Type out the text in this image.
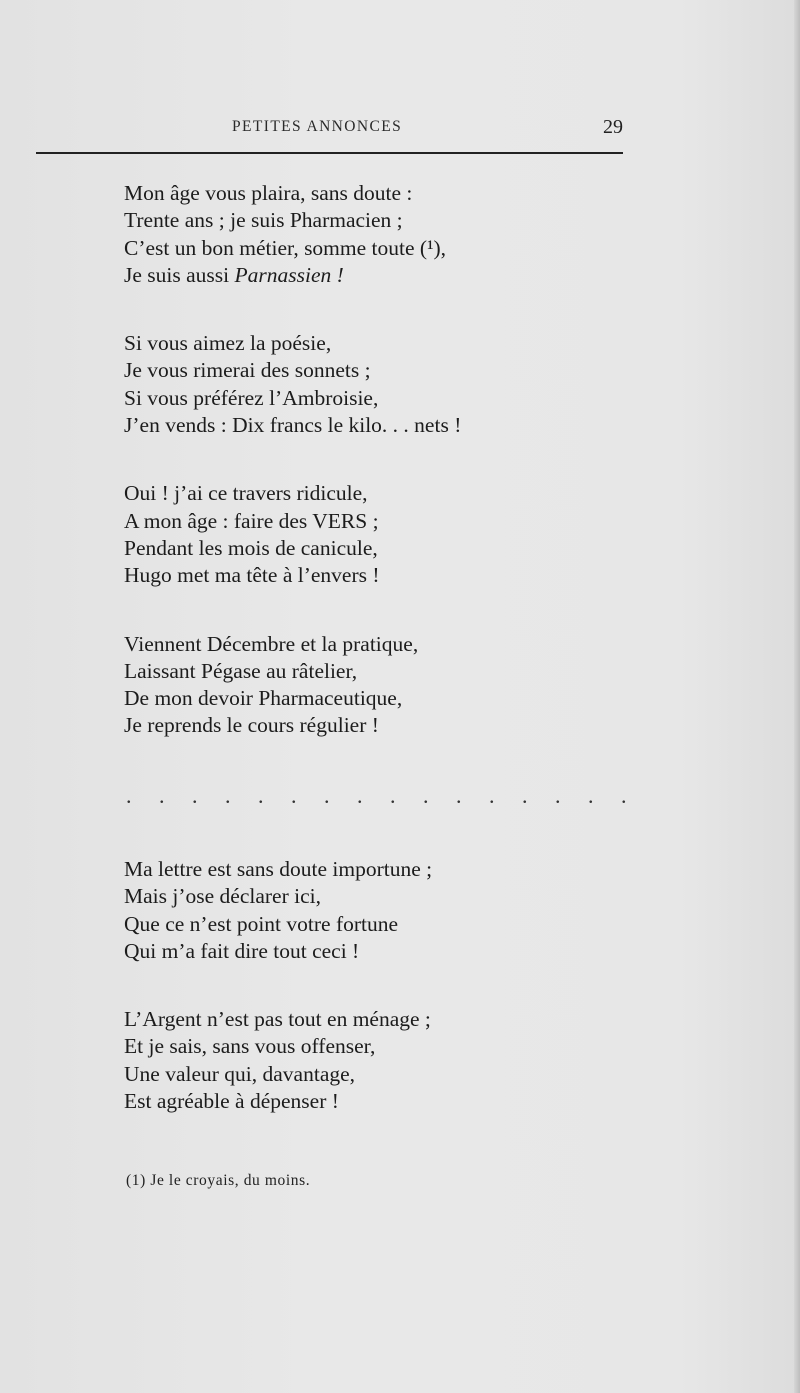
PETITES ANNONCES	29
Mon âge vous plaira, sans doute :
Trente ans ; je suis Pharmacien ;
C’est un bon métier, somme toute (¹),
Je suis aussi Parnassien !
Si vous aimez la poésie,
Je vous rimerai des sonnets ;
Si vous préférez l’Ambroisie,
J’en vends : Dix francs le kilo. . . nets !
Oui ! j’ai ce travers ridicule,
A mon âge : faire des VERS ;
Pendant les mois de canicule,
Hugo met ma tête à l’envers !
Viennent Décembre et la pratique,
Laissant Pégase au râtelier,
De mon devoir Pharmaceutique,
Je reprends le cours régulier !
. . . . . . . . . . . . . . . .
Ma lettre est sans doute importune ;
Mais j’ose déclarer ici,
Que ce n’est point votre fortune
Qui m’a fait dire tout ceci !
L’Argent n’est pas tout en ménage ;
Et je sais, sans vous offenser,
Une valeur qui, davantage,
Est agréable à dépenser !
(1) Je le croyais, du moins.
